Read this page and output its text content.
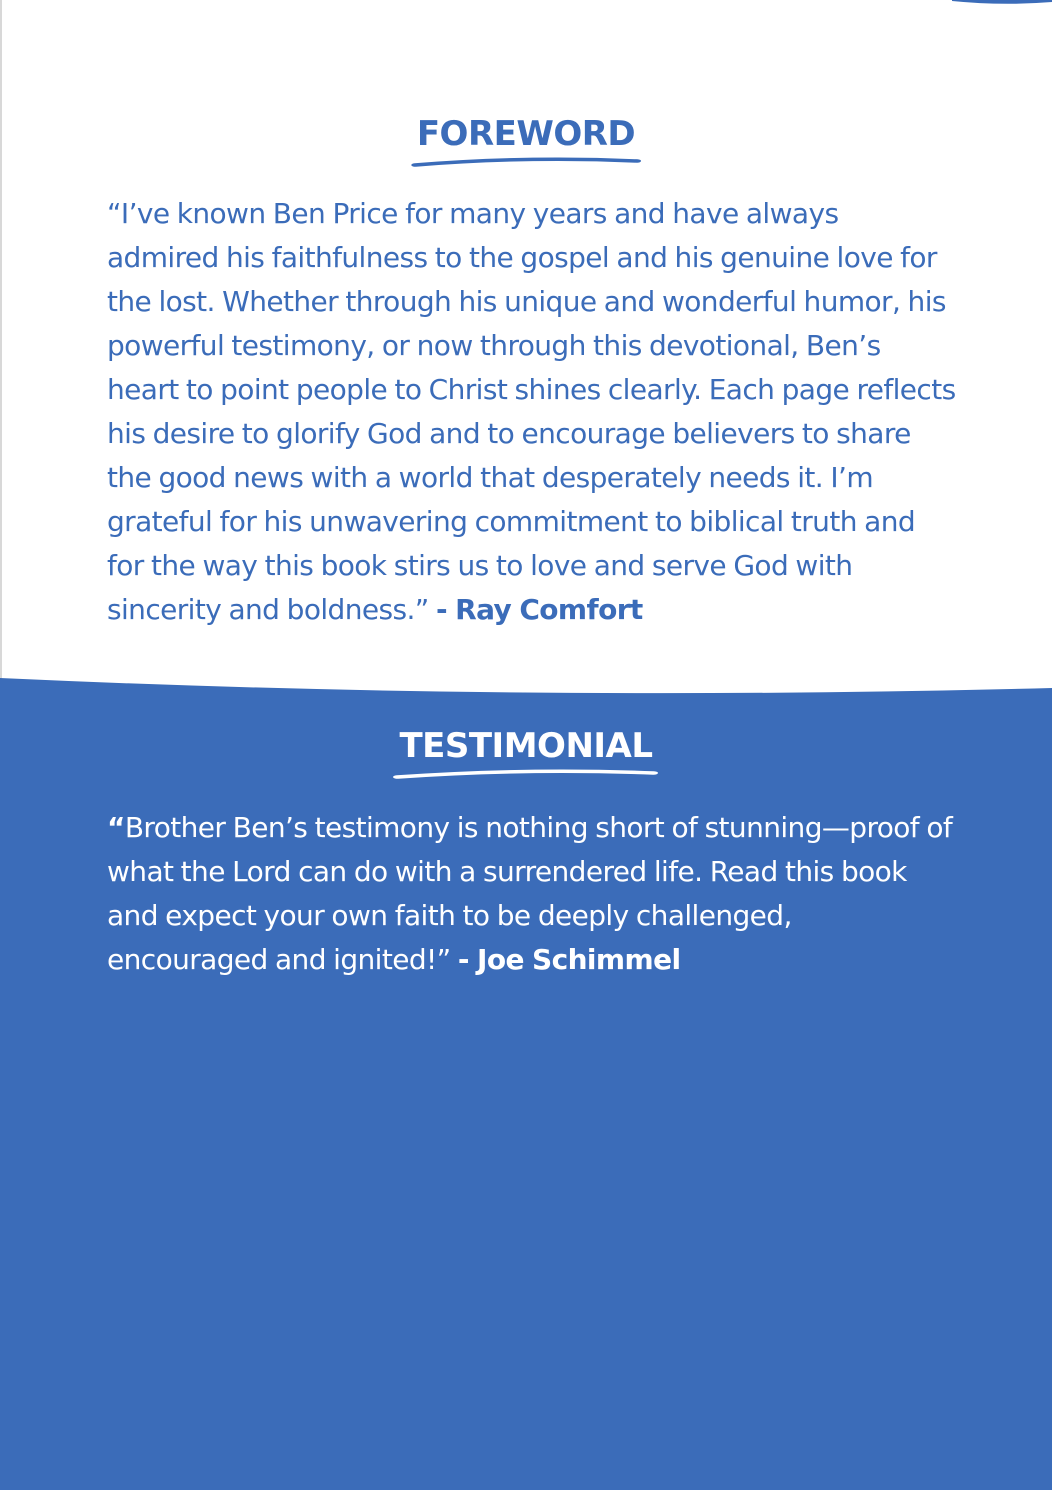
FOREWORD

“I’ve known Ben Price for many years and have always admired his faithfulness to the gospel and his genuine love for the lost. Whether through his unique and wonderful humor, his powerful testimony, or now through this devotional, Ben’s heart to point people to Christ shines clearly. Each page reflects his desire to glorify God and to encourage believers to share the good news with a world that desperately needs it. I’m grateful for his unwavering commitment to biblical truth and for the way this book stirs us to love and serve God with sincerity and boldness.” - Ray Comfort

TESTIMONIAL

“Brother Ben’s testimony is nothing short of stunning—proof of what the Lord can do with a surrendered life. Read this book and expect your own faith to be deeply challenged, encouraged and ignited!” - Joe Schimmel
